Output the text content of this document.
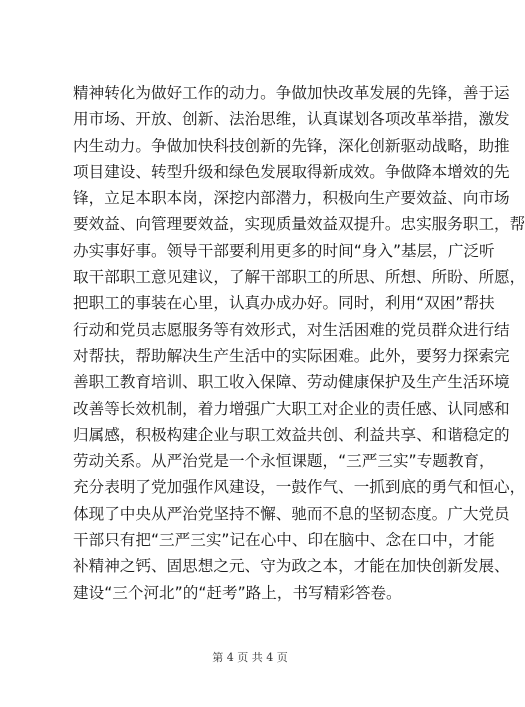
精神转化为做好工作的动力。争做加快改革发展的先锋，善于运
用市场、开放、创新、法治思维，认真谋划各项改革举措，激发
内生动力。争做加快科技创新的先锋，深化创新驱动战略，助推
项目建设、转型升级和绿色发展取得新成效。争做降本增效的先
锋，立足本职本岗，深挖内部潜力，积极向生产要效益、向市场
要效益、向管理要效益，实现质量效益双提升。忠实服务职工，帮
办实事好事。领导干部要利用更多的时间“身入”基层，广泛听
取干部职工意见建议，了解干部职工的所思、所想、所盼、所愿，
把职工的事装在心里，认真办成办好。同时，利用“双困”帮扶
行动和党员志愿服务等有效形式，对生活困难的党员群众进行结
对帮扶，帮助解决生产生活中的实际困难。此外，要努力探索完
善职工教育培训、职工收入保障、劳动健康保护及生产生活环境
改善等长效机制，着力增强广大职工对企业的责任感、认同感和
归属感，积极构建企业与职工效益共创、利益共享、和谐稳定的
劳动关系。从严治党是一个永恒课题，“三严三实”专题教育，
充分表明了党加强作风建设，一鼓作气、一抓到底的勇气和恒心，
体现了中央从严治党坚持不懈、驰而不息的坚韧态度。广大党员
干部只有把“三严三实”记在心中、印在脑中、念在口中，才能
补精神之钙、固思想之元、守为政之本，才能在加快创新发展、
建设“三个河北”的“赶考”路上，书写精彩答卷。
第 4 页 共 4 页
